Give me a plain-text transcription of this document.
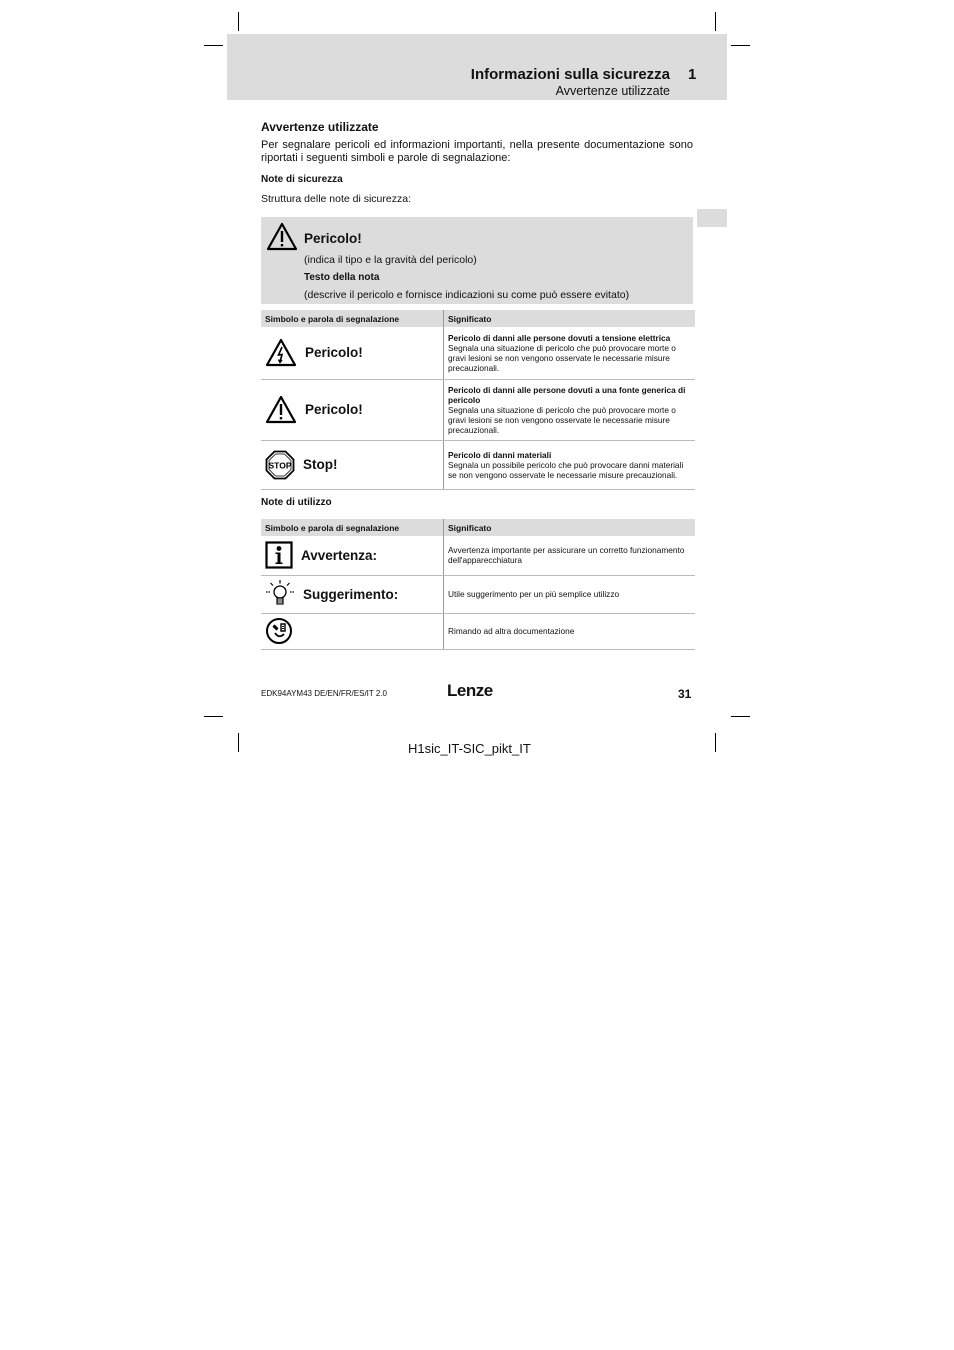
Informazioni sulla sicurezza 1
Avvertenze utilizzate
Avvertenze utilizzate
Per segnalare pericoli ed informazioni importanti, nella presente documentazione sono riportati i seguenti simboli e parole di segnalazione:
Note di sicurezza
Struttura delle note di sicurezza:
Pericolo!
(indica il tipo e la gravità del pericolo)
Testo della nota
(descrive il pericolo e fornisce indicazioni su come può essere evitato)
Simbolo e parola di segnalazione	Significato

Pericolo!	Pericolo di danni alle persone dovuti a tensione elettrica
Segnala una situazione di pericolo che può provocare morte o gravi lesioni se non vengono osservate le necessarie misure precauzionali.

Pericolo!	Pericolo di danni alle persone dovuti a una fonte generica di pericolo
Segnala una situazione di pericolo che può provocare morte o gravi lesioni se non vengono osservate le necessarie misure precauzionali.

STOP Stop!	Pericolo di danni materiali
Segnala un possibile pericolo che può provocare danni materiali se non vengono osservate le necessarie misure precauzionali.
Note di utilizzo
Simbolo e parola di segnalazione	Significato

Avvertenza:	Avvertenza importante per assicurare un corretto funzionamento dell'apparecchiatura

Suggerimento:	Utile suggerimento per un più semplice utilizzo

	Rimando ad altra documentazione
EDK94AYM43 DE/EN/FR/ES/IT 2.0	Lenze	31
H1sic_IT-SIC_pikt_IT
